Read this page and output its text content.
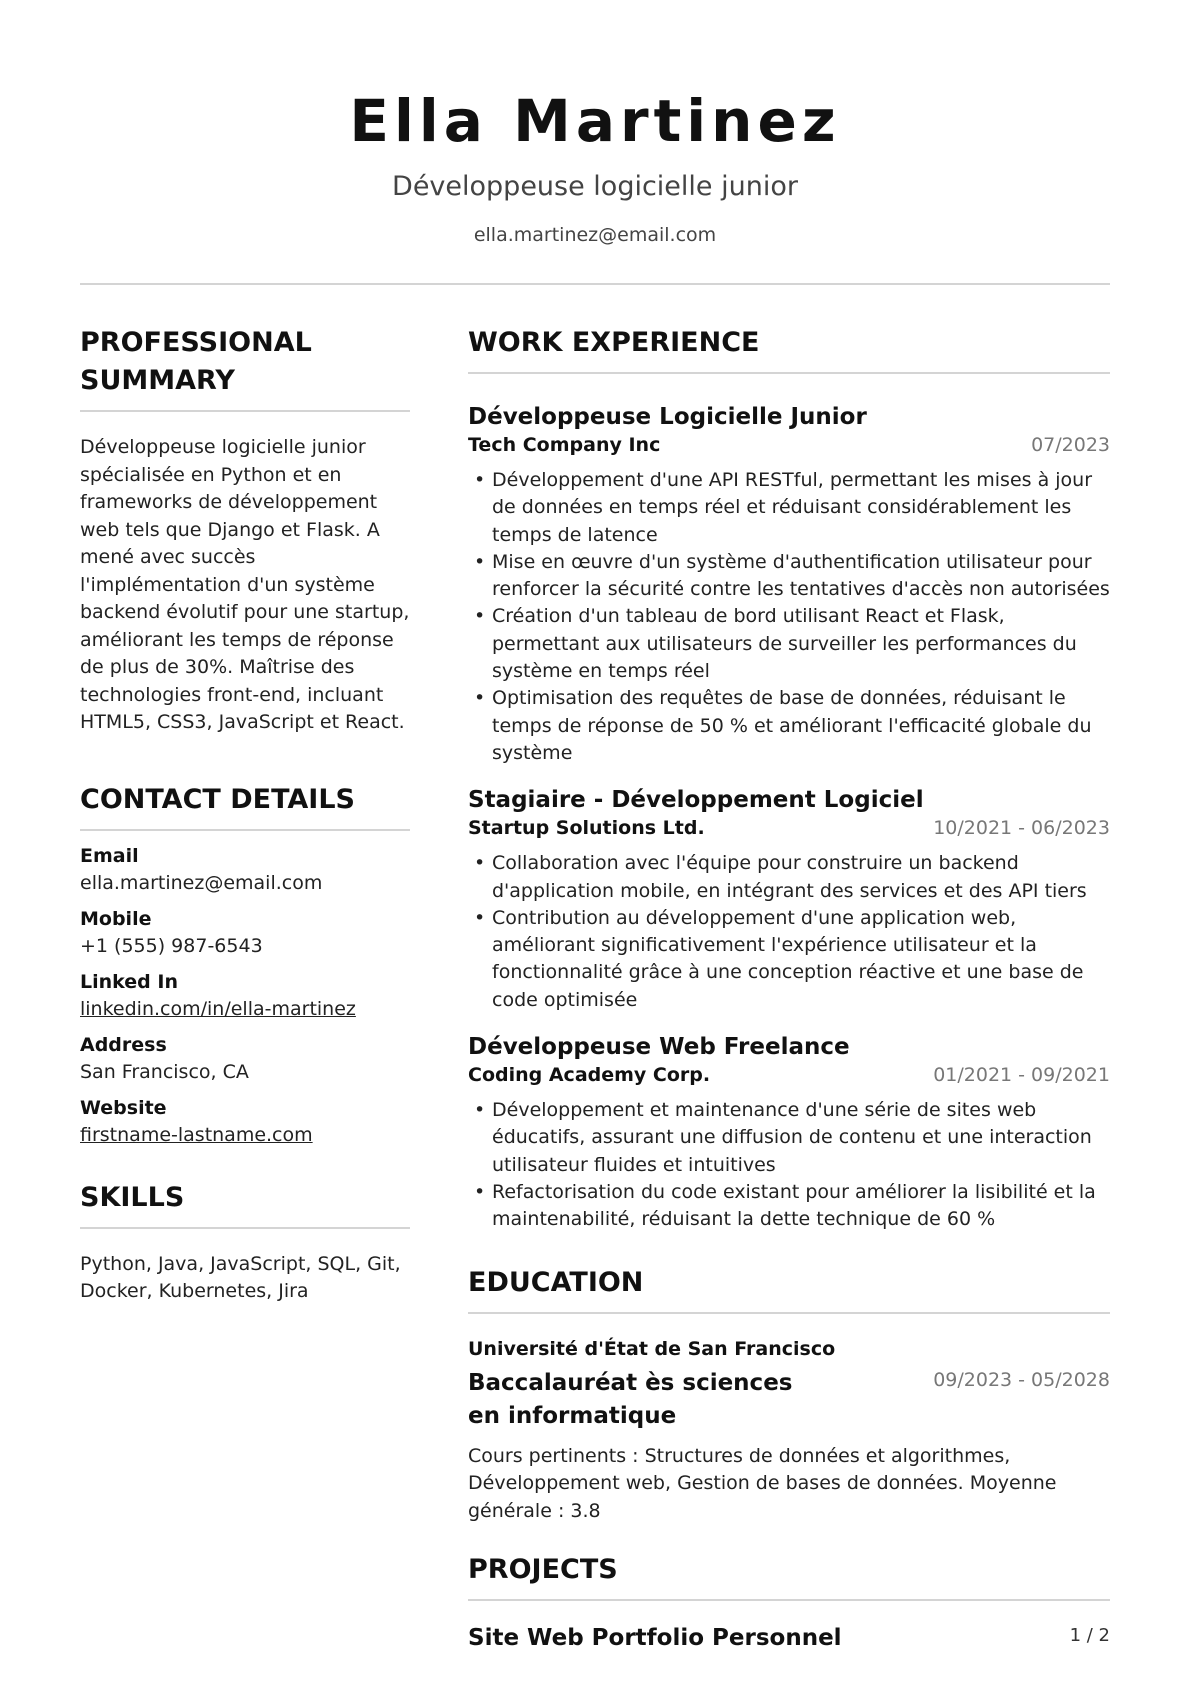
Ella Martinez
Développeuse logicielle junior
ella.martinez@email.com
PROFESSIONAL SUMMARY
Développeuse logicielle junior spécialisée en Python et en frameworks de développement web tels que Django et Flask. A mené avec succès l'implémentation d'un système backend évolutif pour une startup, améliorant les temps de réponse de plus de 30%. Maîtrise des technologies front-end, incluant HTML5, CSS3, JavaScript et React.
CONTACT DETAILS
Email
ella.martinez@email.com
Mobile
+1 (555) 987-6543
Linked In
linkedin.com/in/ella-martinez
Address
San Francisco, CA
Website
firstname-lastname.com
SKILLS
Python, Java, JavaScript, SQL, Git, Docker, Kubernetes, Jira
WORK EXPERIENCE
Développeuse Logicielle Junior
Tech Company Inc	07/2023
• Développement d'une API RESTful, permettant les mises à jour de données en temps réel et réduisant considérablement les temps de latence
• Mise en œuvre d'un système d'authentification utilisateur pour renforcer la sécurité contre les tentatives d'accès non autorisées
• Création d'un tableau de bord utilisant React et Flask, permettant aux utilisateurs de surveiller les performances du système en temps réel
• Optimisation des requêtes de base de données, réduisant le temps de réponse de 50 % et améliorant l'efficacité globale du système
Stagiaire - Développement Logiciel
Startup Solutions Ltd.	10/2021 - 06/2023
• Collaboration avec l'équipe pour construire un backend d'application mobile, en intégrant des services et des API tiers
• Contribution au développement d'une application web, améliorant significativement l'expérience utilisateur et la fonctionnalité grâce à une conception réactive et une base de code optimisée
Développeuse Web Freelance
Coding Academy Corp.	01/2021 - 09/2021
• Développement et maintenance d'une série de sites web éducatifs, assurant une diffusion de contenu et une interaction utilisateur fluides et intuitives
• Refactorisation du code existant pour améliorer la lisibilité et la maintenabilité, réduisant la dette technique de 60 %
EDUCATION
Université d'État de San Francisco
Baccalauréat ès sciences en informatique
09/2023 - 05/2028
Cours pertinents : Structures de données et algorithmes, Développement web, Gestion de bases de données. Moyenne générale : 3.8
PROJECTS
Site Web Portfolio Personnel	1 / 2
